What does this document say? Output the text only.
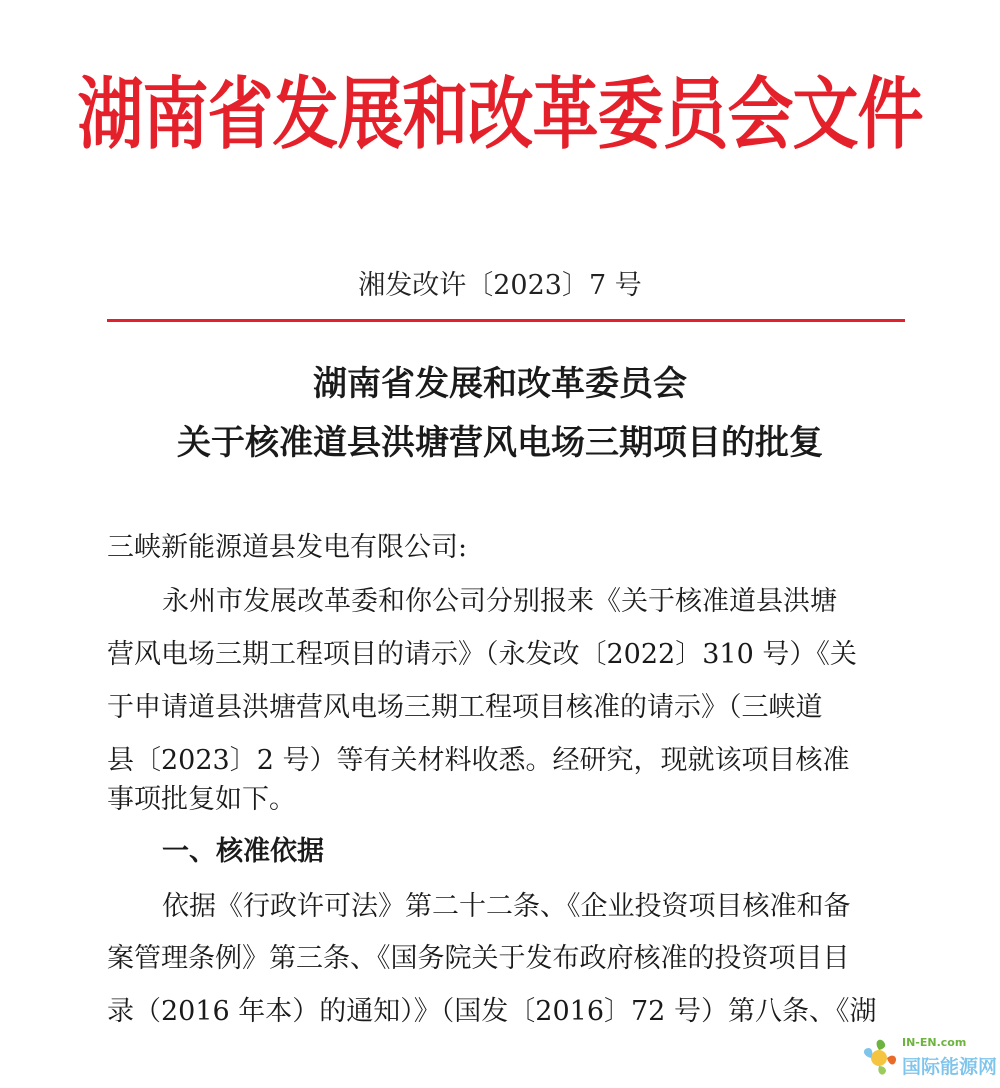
湖南省发展和改革委员会文件
湘发改许〔2023〕7 号
湖南省发展和改革委员会
关于核准道县洪塘营风电场三期项目的批复
三峡新能源道县发电有限公司:
永州市发展改革委和你公司分别报来《关于核准道县洪塘
营风电场三期工程项目的请示》（永发改〔2022〕310 号）《关
于申请道县洪塘营风电场三期工程项目核准的请示》（三峡道
县〔2023〕2 号）等有关材料收悉。经研究，现就该项目核准
事项批复如下。
一、核准依据
依据《行政许可法》第二十二条、《企业投资项目核准和备
案管理条例》第三条、《国务院关于发布政府核准的投资项目目
录（2016 年本）的通知）》（国发〔2016〕72 号）第八条、《湖
IN-EN.com
国际能源网
